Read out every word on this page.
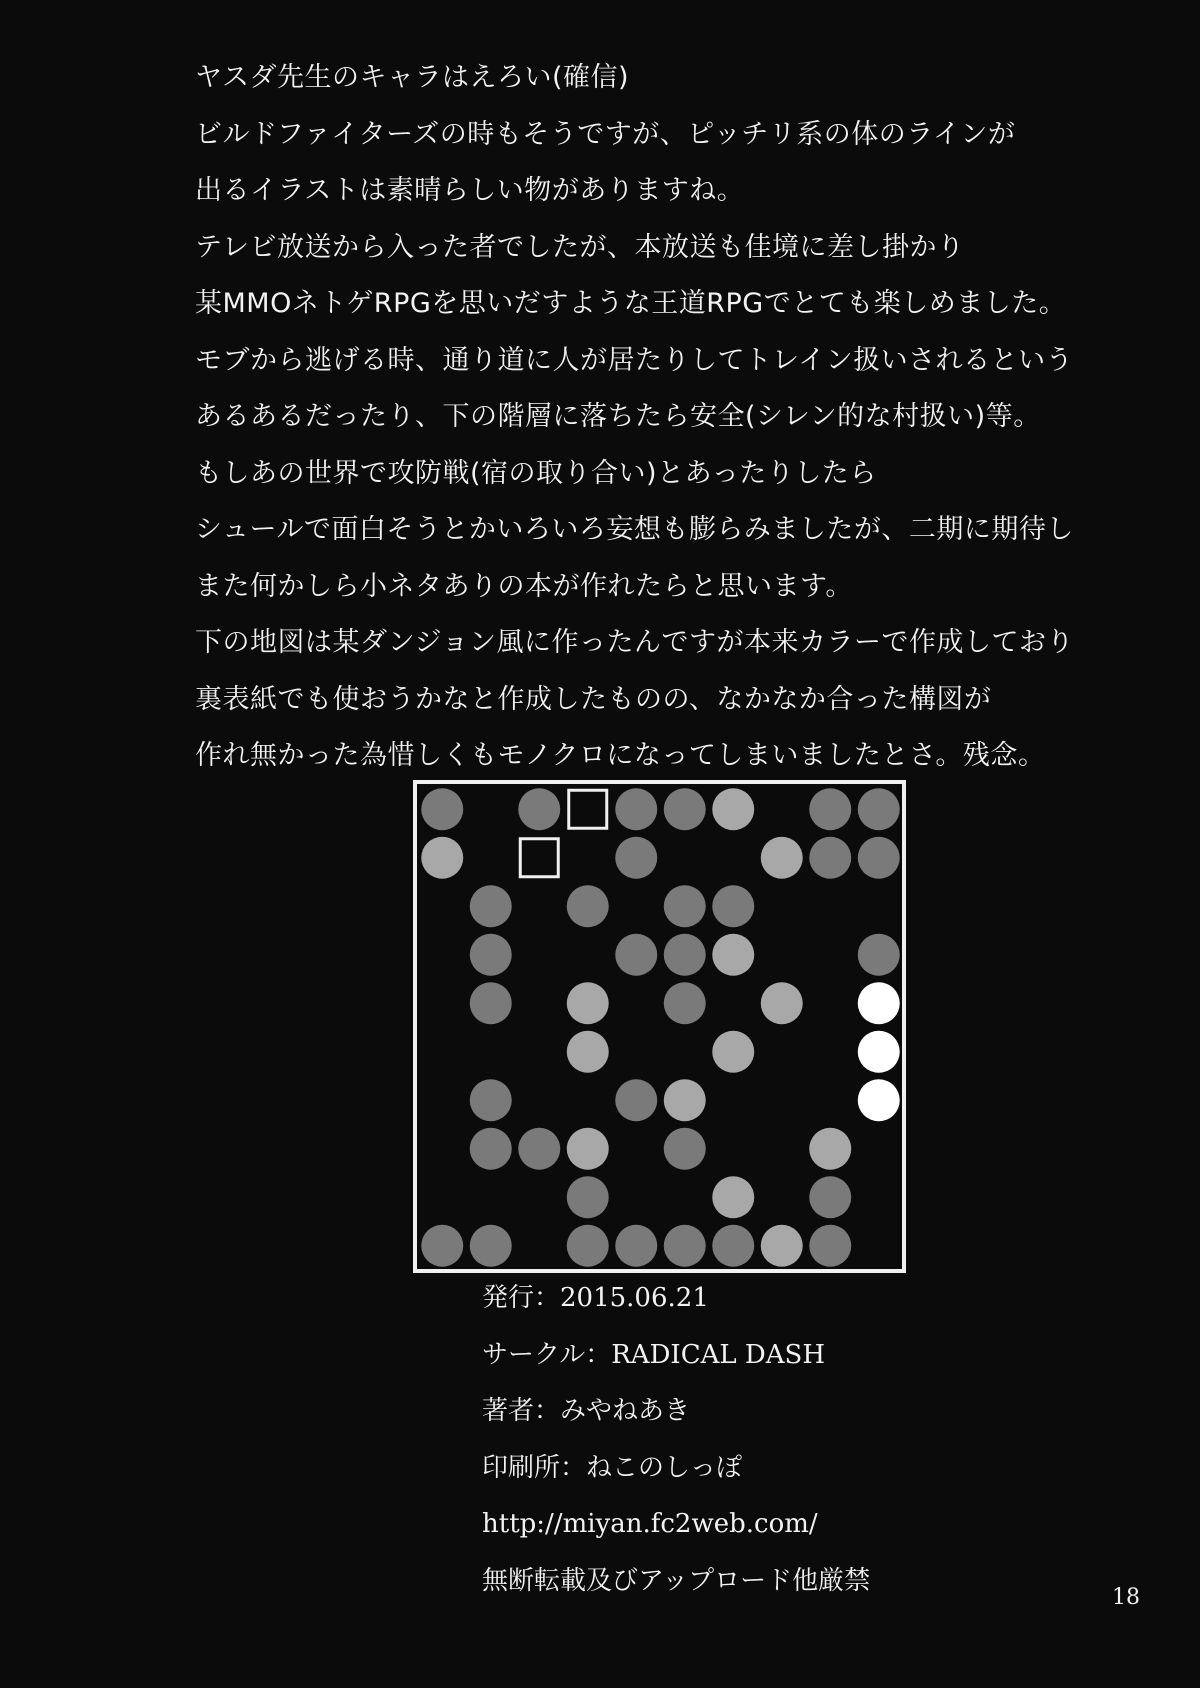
ヤスダ先生のキャラはえろい(確信)

ビルドファイターズの時もそうですが、ピッチリ系の体のラインが

出るイラストは素晴らしい物がありますね。

テレビ放送から入った者でしたが、本放送も佳境に差し掛かり

某MMOネトゲRPGを思いだすような王道RPGでとても楽しめました。

モブから逃げる時、通り道に人が居たりしてトレイン扱いされるという

あるあるだったり、下の階層に落ちたら安全(シレン的な村扱い)等。

もしあの世界で攻防戦(宿の取り合い)とあったりしたら

シュールで面白そうとかいろいろ妄想も膨らみましたが、二期に期待し

また何かしら小ネタありの本が作れたらと思います。

下の地図は某ダンジョン風に作ったんですが本来カラーで作成しており

裏表紙でも使おうかなと作成したものの、なかなか合った構図が

作れ無かった為惜しくもモノクロになってしまいましたとさ。残念。

発行：2015.06.21

サークル：RADICAL DASH

著者：みやねあき

印刷所：ねこのしっぽ

http://miyan.fc2web.com/

無断転載及びアップロード他厳禁

18
